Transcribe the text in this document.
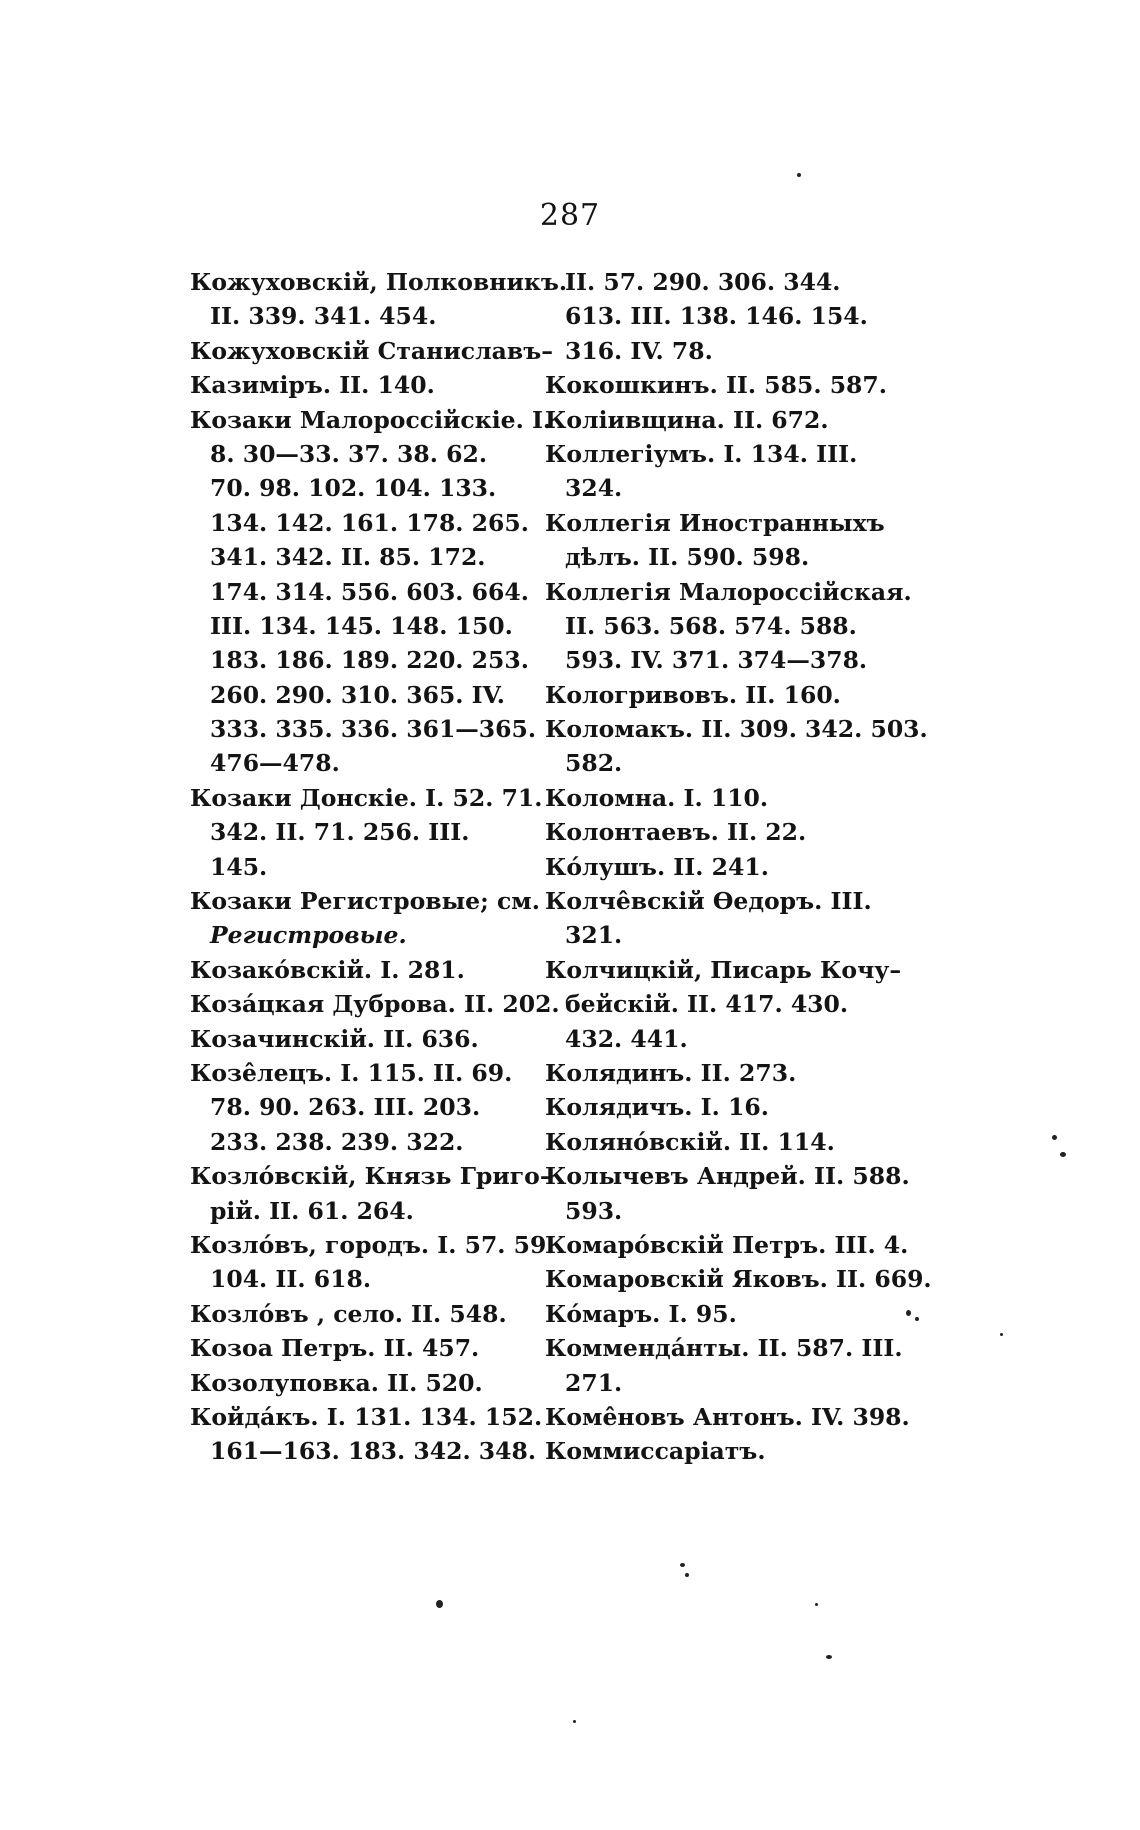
287
Кожуховскій, Полковникъ.
II. 339. 341. 454.
Кожуховскій Станиславъ–
Казиміръ. II. 140.
Козаки Малороссійскіе. I.
8. 30—33. 37. 38. 62.
70. 98. 102. 104. 133.
134. 142. 161. 178. 265.
341. 342. II. 85. 172.
174. 314. 556. 603. 664.
III. 134. 145. 148. 150.
183. 186. 189. 220. 253.
260. 290. 310. 365. IV.
333. 335. 336. 361—365.
476—478.
Козаки Донскіе. I. 52. 71.
342. II. 71. 256. III.
145.
Козаки Регистровые; см.
Регистровые.
Козако́вскій. I. 281.
Коза́цкая Дуброва. II. 202.
Козачинскій. II. 636.
Козе̂лецъ. I. 115. II. 69.
78. 90. 263. III. 203.
233. 238. 239. 322.
Козло́вскій, Князь Григо–
рій. II. 61. 264.
Козло́въ, городъ. I. 57. 59.
104. II. 618.
Козло́въ , село. II. 548.
Козоа Петръ. II. 457.
Козолуповка. II. 520.
Койда́къ. I. 131. 134. 152.
161—163. 183. 342. 348.
II. 57. 290. 306. 344.
613. III. 138. 146. 154.
316. IV. 78.
Кокошкинъ. II. 585. 587.
Коліивщина. II. 672.
Коллегіумъ. I. 134. III.
324.
Коллегія Иностранныхъ
дѣлъ. II. 590. 598.
Коллегія Малороссійская.
II. 563. 568. 574. 588.
593. IV. 371. 374—378.
Кологривовъ. II. 160.
Коломакъ. II. 309. 342. 503.
582.
Коломна. I. 110.
Колонтаевъ. II. 22.
Ко́лушъ. II. 241.
Колче̂вскій Ѳедоръ. III.
321.
Колчицкій, Писарь Кочу–
бейскій. II. 417. 430.
432. 441.
Колядинъ. II. 273.
Колядичъ. I. 16.
Коляно́вскій. II. 114.
Колычевъ Андрей. II. 588.
593.
Комаро́вскій Петръ. III. 4.
Комаровскій Яковъ. II. 669.
Ко́маръ. I. 95.
Комменда́нты. II. 587. III.
271.
Коме̂новъ Антонъ. IV. 398.
Коммиссаріатъ.
